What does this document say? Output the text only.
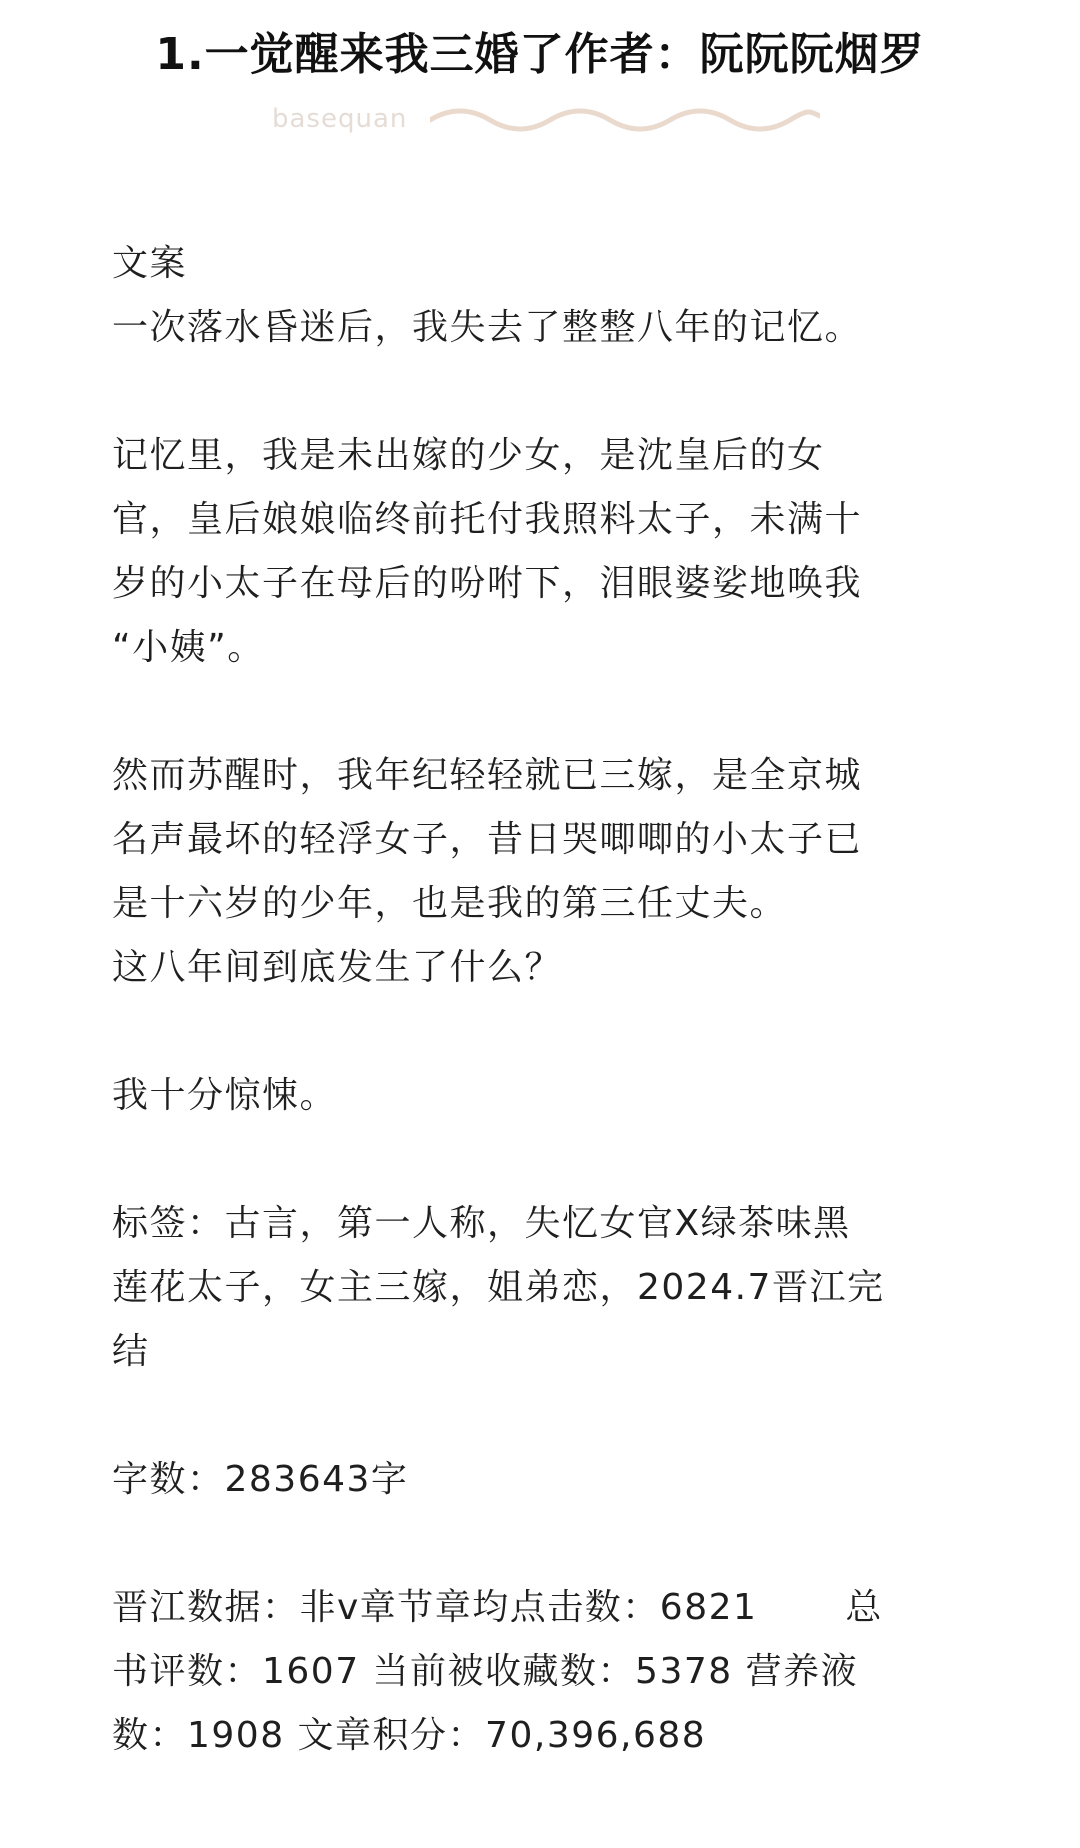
1.一觉醒来我三婚了作者：阮阮阮烟罗
basequan
文案
一次落水昏迷后，我失去了整整八年的记忆。
记忆里，我是未出嫁的少女，是沈皇后的女
官，皇后娘娘临终前托付我照料太子，未满十
岁的小太子在母后的吩咐下，泪眼婆娑地唤我
“小姨”。
然而苏醒时，我年纪轻轻就已三嫁，是全京城
名声最坏的轻浮女子，昔日哭唧唧的小太子已
是十六岁的少年，也是我的第三任丈夫。
这八年间到底发生了什么？
我十分惊悚。
标签：古言，第一人称，失忆女官X绿茶味黑
莲花太子，女主三嫁，姐弟恋，2024.7晋江完
结
字数：283643字
晋江数据：非v章节章均点击数：6821　　 总
书评数：1607 当前被收藏数：5378 营养液
数：1908 文章积分：70,396,688
